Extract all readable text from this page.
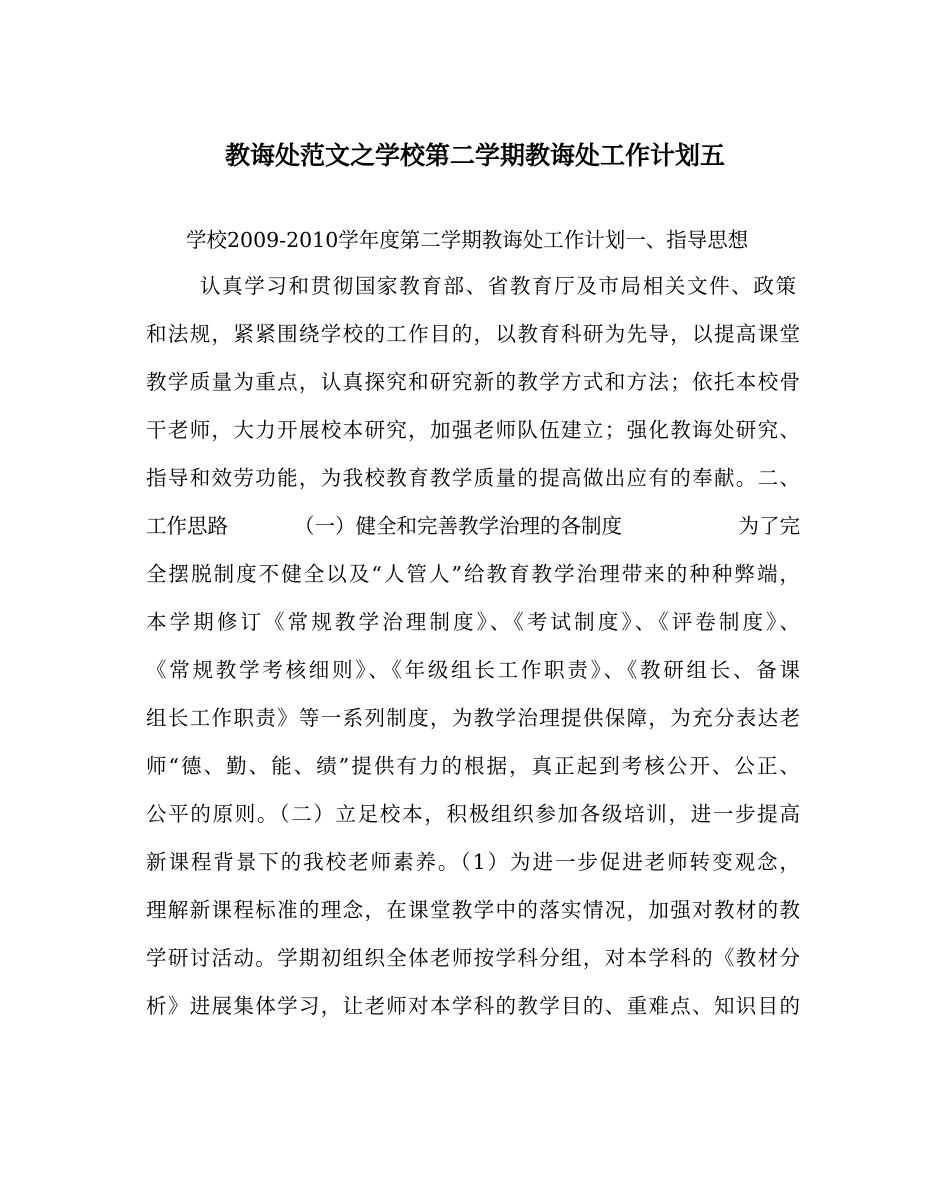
教诲处范文之学校第二学期教诲处工作计划五
学校2009-2010学年度第二学期教诲处工作计划一、指导思想
认真学习和贯彻国家教育部、省教育厅及市局相关文件、政策
和法规，紧紧围绕学校的工作目的，以教育科研为先导，以提高课堂
教学质量为重点，认真探究和研究新的教学方式和方法；依托本校骨
干老师，大力开展校本研究，加强老师队伍建立；强化教诲处研究、
指导和效劳功能，为我校教育教学质量的提高做出应有的奉献。二、
工作思路	（一）健全和完善教学治理的各制度	为了完
全摆脱制度不健全以及“人管人”给教育教学治理带来的种种弊端，
本学期修订《常规教学治理制度》、《考试制度》、《评卷制度》、
《常规教学考核细则》、《年级组长工作职责》、《教研组长、备课
组长工作职责》等一系列制度，为教学治理提供保障，为充分表达老
师“德、勤、能、绩”提供有力的根据，真正起到考核公开、公正、
公平的原则。（二）立足校本，积极组织参加各级培训，进一步提高
新课程背景下的我校老师素养。（1）为进一步促进老师转变观念，
理解新课程标准的理念，在课堂教学中的落实情况，加强对教材的教
学研讨活动。学期初组织全体老师按学科分组，对本学科的《教材分
析》进展集体学习，让老师对本学科的教学目的、重难点、知识目的
